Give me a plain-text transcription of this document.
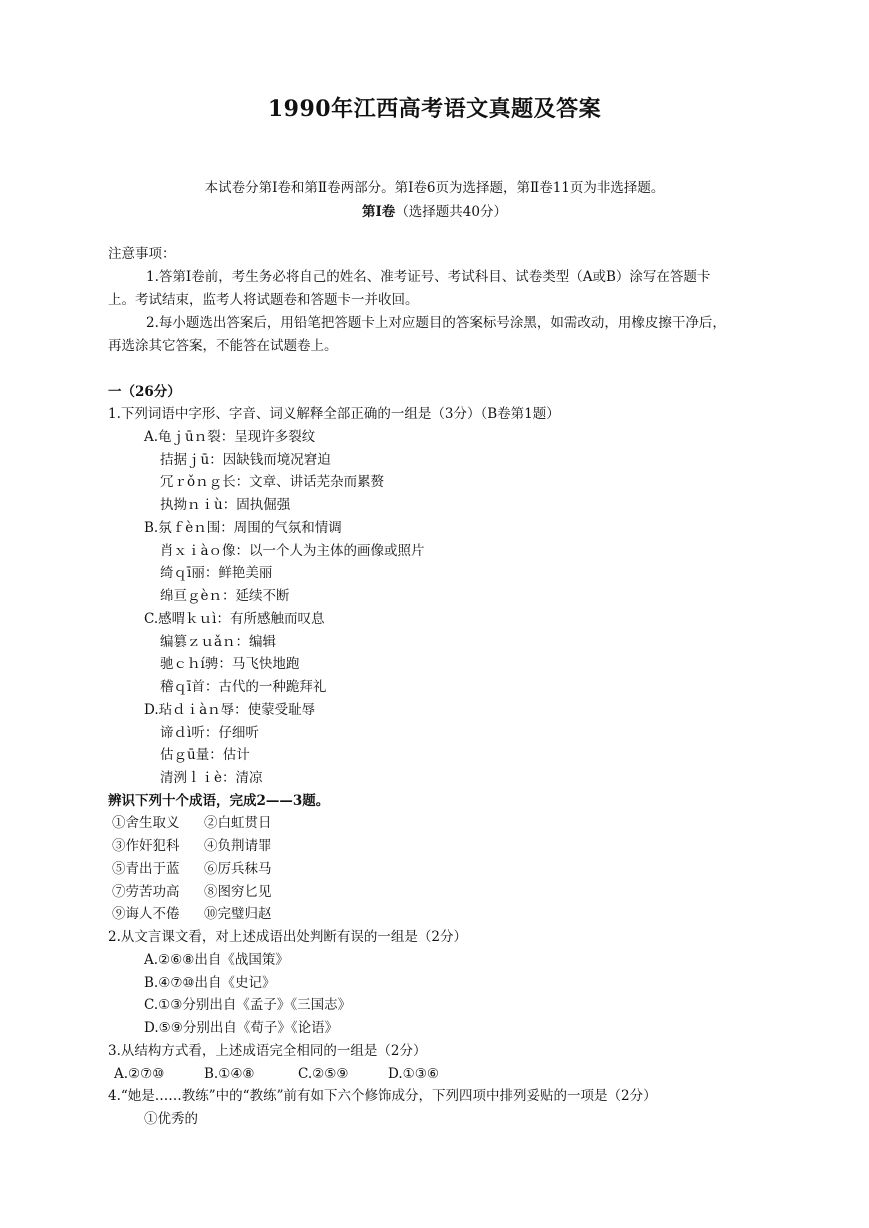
1990年江西高考语文真题及答案
本试卷分第Ⅰ卷和第Ⅱ卷两部分。第Ⅰ卷6页为选择题，第Ⅱ卷11页为非选择题。
第Ⅰ卷（选择题共40分）
注意事项：
1.答第Ⅰ卷前，考生务必将自己的姓名、准考证号、考试科目、试卷类型（A或B）涂写在答题卡
上。考试结束，监考人将试题卷和答题卡一并收回。
2.每小题选出答案后，用铅笔把答题卡上对应题目的答案标号涂黑，如需改动，用橡皮擦干净后，
再选涂其它答案，不能答在试题卷上。
一（26分）
1.下列词语中字形、字音、词义解释全部正确的一组是（3分）（B卷第1题）
A.龟ｊūｎ裂：呈现许多裂纹
拮据ｊū：因缺钱而境况窘迫
冗ｒǒｎｇ长：文章、讲话芜杂而累赘
执拗ｎｉù：固执倔强
B.氛ｆèｎ围：周围的气氛和情调
肖ｘｉàｏ像：以一个人为主体的画像或照片
绮ｑī丽：鲜艳美丽
绵亘ｇèｎ：延续不断
C.感喟ｋｕì：有所感触而叹息
编篡ｚｕǎｎ：编辑
驰ｃｈí骋：马飞快地跑
稽ｑī首：古代的一种跪拜礼
D.玷ｄｉàｎ辱：使蒙受耻辱
谛ｄì听：仔细听
估ｇū量：估计
清洌ｌｉè：清凉
辨识下列十个成语，完成2——3题。
①舍生取义 ②白虹贯日
③作奸犯科 ④负荆请罪
⑤青出于蓝 ⑥厉兵秣马
⑦劳苦功高 ⑧图穷匕见
⑨诲人不倦 ⑩完璧归赵
2.从文言课文看，对上述成语出处判断有误的一组是（2分）
A.②⑥⑧出自《战国策》
B.④⑦⑩出自《史记》
C.①③分别出自《孟子》《三国志》
D.⑤⑨分别出自《荀子》《论语》
3.从结构方式看，上述成语完全相同的一组是（2分）
A.②⑦⑩	B.①④⑧	C.②⑤⑨	D.①③⑥
4.“她是……教练”中的“教练”前有如下六个修饰成分，下列四项中排列妥贴的一项是（2分）
①优秀的
